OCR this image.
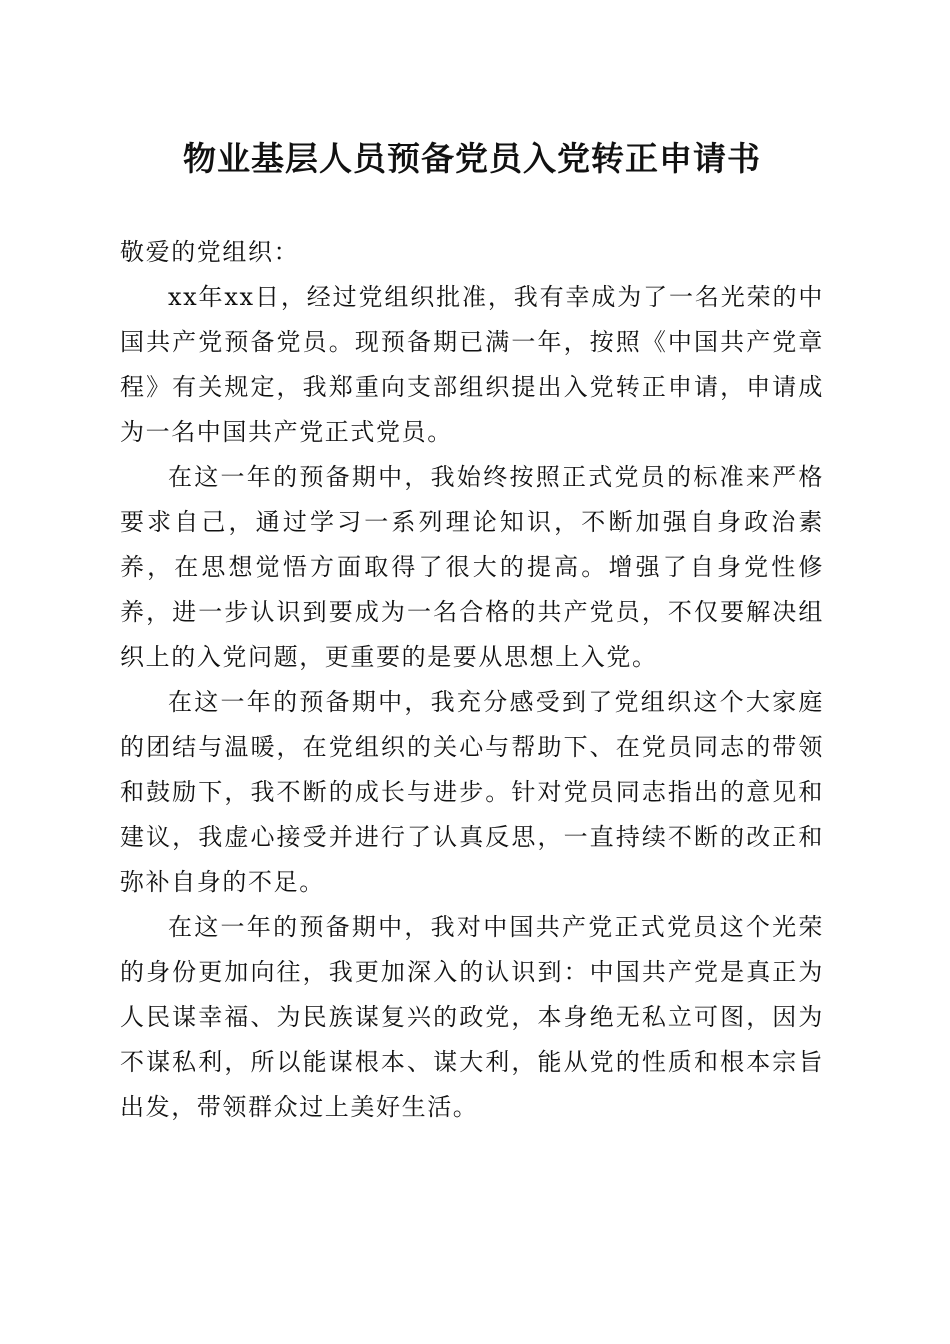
物业基层人员预备党员入党转正申请书

敬爱的党组织：

xx年xx日，经过党组织批准，我有幸成为了一名光荣的中国共产党预备党员。现预备期已满一年，按照《中国共产党章程》有关规定，我郑重向支部组织提出入党转正申请，申请成为一名中国共产党正式党员。

在这一年的预备期中，我始终按照正式党员的标准来严格要求自己，通过学习一系列理论知识，不断加强自身政治素养，在思想觉悟方面取得了很大的提高。增强了自身党性修养，进一步认识到要成为一名合格的共产党员，不仅要解决组织上的入党问题，更重要的是要从思想上入党。

在这一年的预备期中，我充分感受到了党组织这个大家庭的团结与温暖，在党组织的关心与帮助下、在党员同志的带领和鼓励下，我不断的成长与进步。针对党员同志指出的意见和建议，我虚心接受并进行了认真反思，一直持续不断的改正和弥补自身的不足。

在这一年的预备期中，我对中国共产党正式党员这个光荣的身份更加向往，我更加深入的认识到：中国共产党是真正为人民谋幸福、为民族谋复兴的政党，本身绝无私立可图，因为不谋私利，所以能谋根本、谋大利，能从党的性质和根本宗旨出发，带领群众过上美好生活。
